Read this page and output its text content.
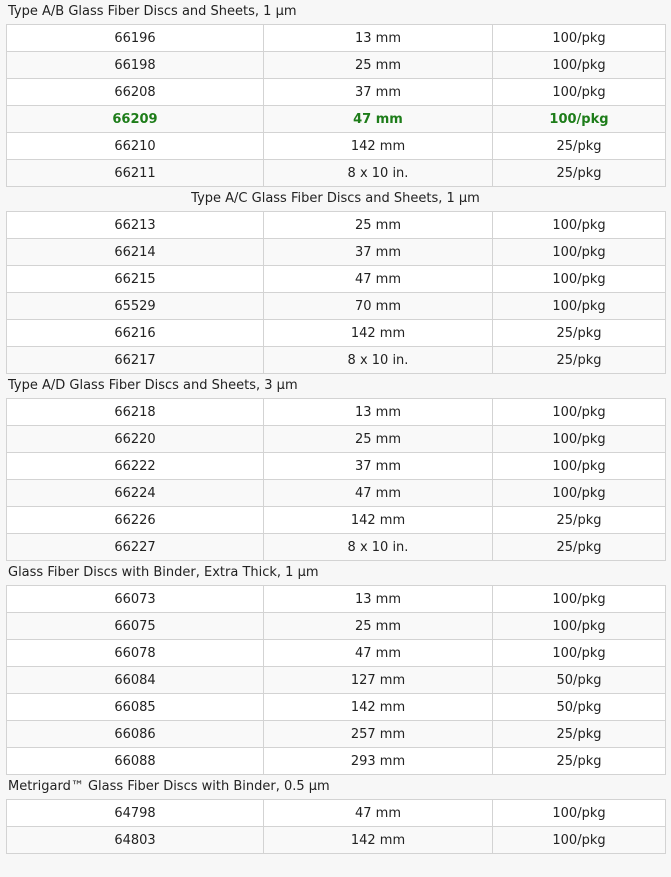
Type A/B Glass Fiber Discs and Sheets, 1 µm
66196	13 mm	100/pkg
66198	25 mm	100/pkg
66208	37 mm	100/pkg
66209	47 mm	100/pkg
66210	142 mm	25/pkg
66211	8 x 10 in.	25/pkg
Type A/C Glass Fiber Discs and Sheets, 1 µm
66213	25 mm	100/pkg
66214	37 mm	100/pkg
66215	47 mm	100/pkg
65529	70 mm	100/pkg
66216	142 mm	25/pkg
66217	8 x 10 in.	25/pkg
Type A/D Glass Fiber Discs and Sheets, 3 µm
66218	13 mm	100/pkg
66220	25 mm	100/pkg
66222	37 mm	100/pkg
66224	47 mm	100/pkg
66226	142 mm	25/pkg
66227	8 x 10 in.	25/pkg
Glass Fiber Discs with Binder, Extra Thick, 1 µm
66073	13 mm	100/pkg
66075	25 mm	100/pkg
66078	47 mm	100/pkg
66084	127 mm	50/pkg
66085	142 mm	50/pkg
66086	257 mm	25/pkg
66088	293 mm	25/pkg
Metrigard™ Glass Fiber Discs with Binder, 0.5 µm
64798	47 mm	100/pkg
64803	142 mm	100/pkg
